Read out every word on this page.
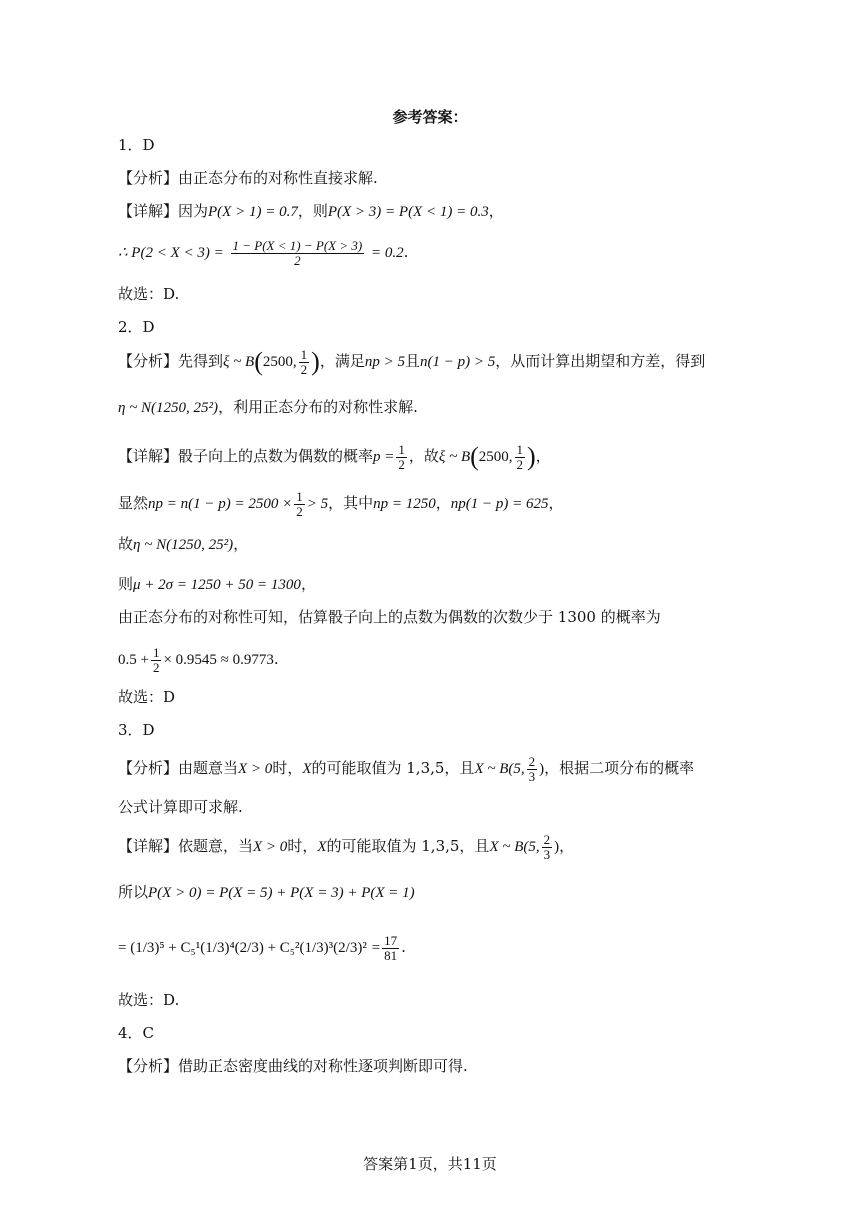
参考答案：
1．D
【分析】由正态分布的对称性直接求解.
【详解】因为P(X > 1) = 0.7，则P(X > 3) = P(X < 1) = 0.3，
∴ $P(2 < X < 3) = \frac{1 - P(X < 1) - P(X > 3)}{2} = 0.2$.
故选：D.
2．D
【分析】先得到ξ ~ B(2500, $\frac{1}{2}$ )，满足np > 5且n(1 − p) > 5，从而计算出期望和方差，得到
η ~ N(1250, 25²)，利用正态分布的对称性求解.
【详解】骰子向上的点数为偶数的概率$p = \frac{1}{2}$ ，故ξ ~ B(2500, $\frac{1}{2}$ )，
显然np = $n(1 - p) = 2500 \times \frac{1}{2} > 5$，其中np = 1250，np(1 − p) = 625，
故η ~ N(1250, 25²)，
则μ + 2σ = 1250 + 50 = 1300，
由正态分布的对称性可知，估算骰子向上的点数为偶数的次数少于 1300 的概率为
$0.5 + \frac{1}{2} \times 0.9545 \approx 0.9773$.
故选：D
3．D
【分析】由题意当X > 0时，X的可能取值为 1,3,5，且X ~ B(5, $\frac{2}{3}$ )，根据二项分布的概率
公式计算即可求解.
【详解】依题意，当X > 0时，X的可能取值为 1,3,5，且X ~ B(5, $\frac{2}{3}$ )，
所以P(X > 0) = P(X = 5) + P(X = 3) + P(X = 1)
= $(1/3)^5 + C_5^1(1/3)^4(2/3) + C_5^2(1/3)^3(2/3)^2 = \frac{17}{81}$ .
故选：D.
4．C
【分析】借助正态密度曲线的对称性逐项判断即可得.
答案第1页，共11页
